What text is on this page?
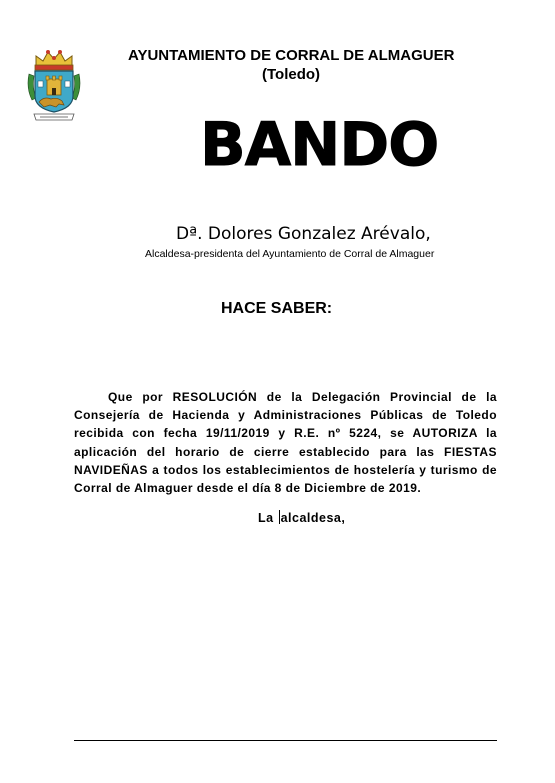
AYUNTAMIENTO DE CORRAL DE ALMAGUER
(Toledo)
BANDO
Dª. Dolores Gonzalez Arévalo,
Alcaldesa-presidenta del Ayuntamiento de Corral de Almaguer
HACE SABER:
Que por RESOLUCIÓN de la Delegación Provincial de la Consejería de Hacienda y Administraciones Públicas de Toledo recibida con fecha 19/11/2019 y R.E. nº 5224, se AUTORIZA la aplicación del horario de cierre establecido para las FIESTAS NAVIDEÑAS a todos los establecimientos de hostelería y turismo de Corral de Almaguer desde el día 8 de Diciembre de 2019.
La alcaldesa,
